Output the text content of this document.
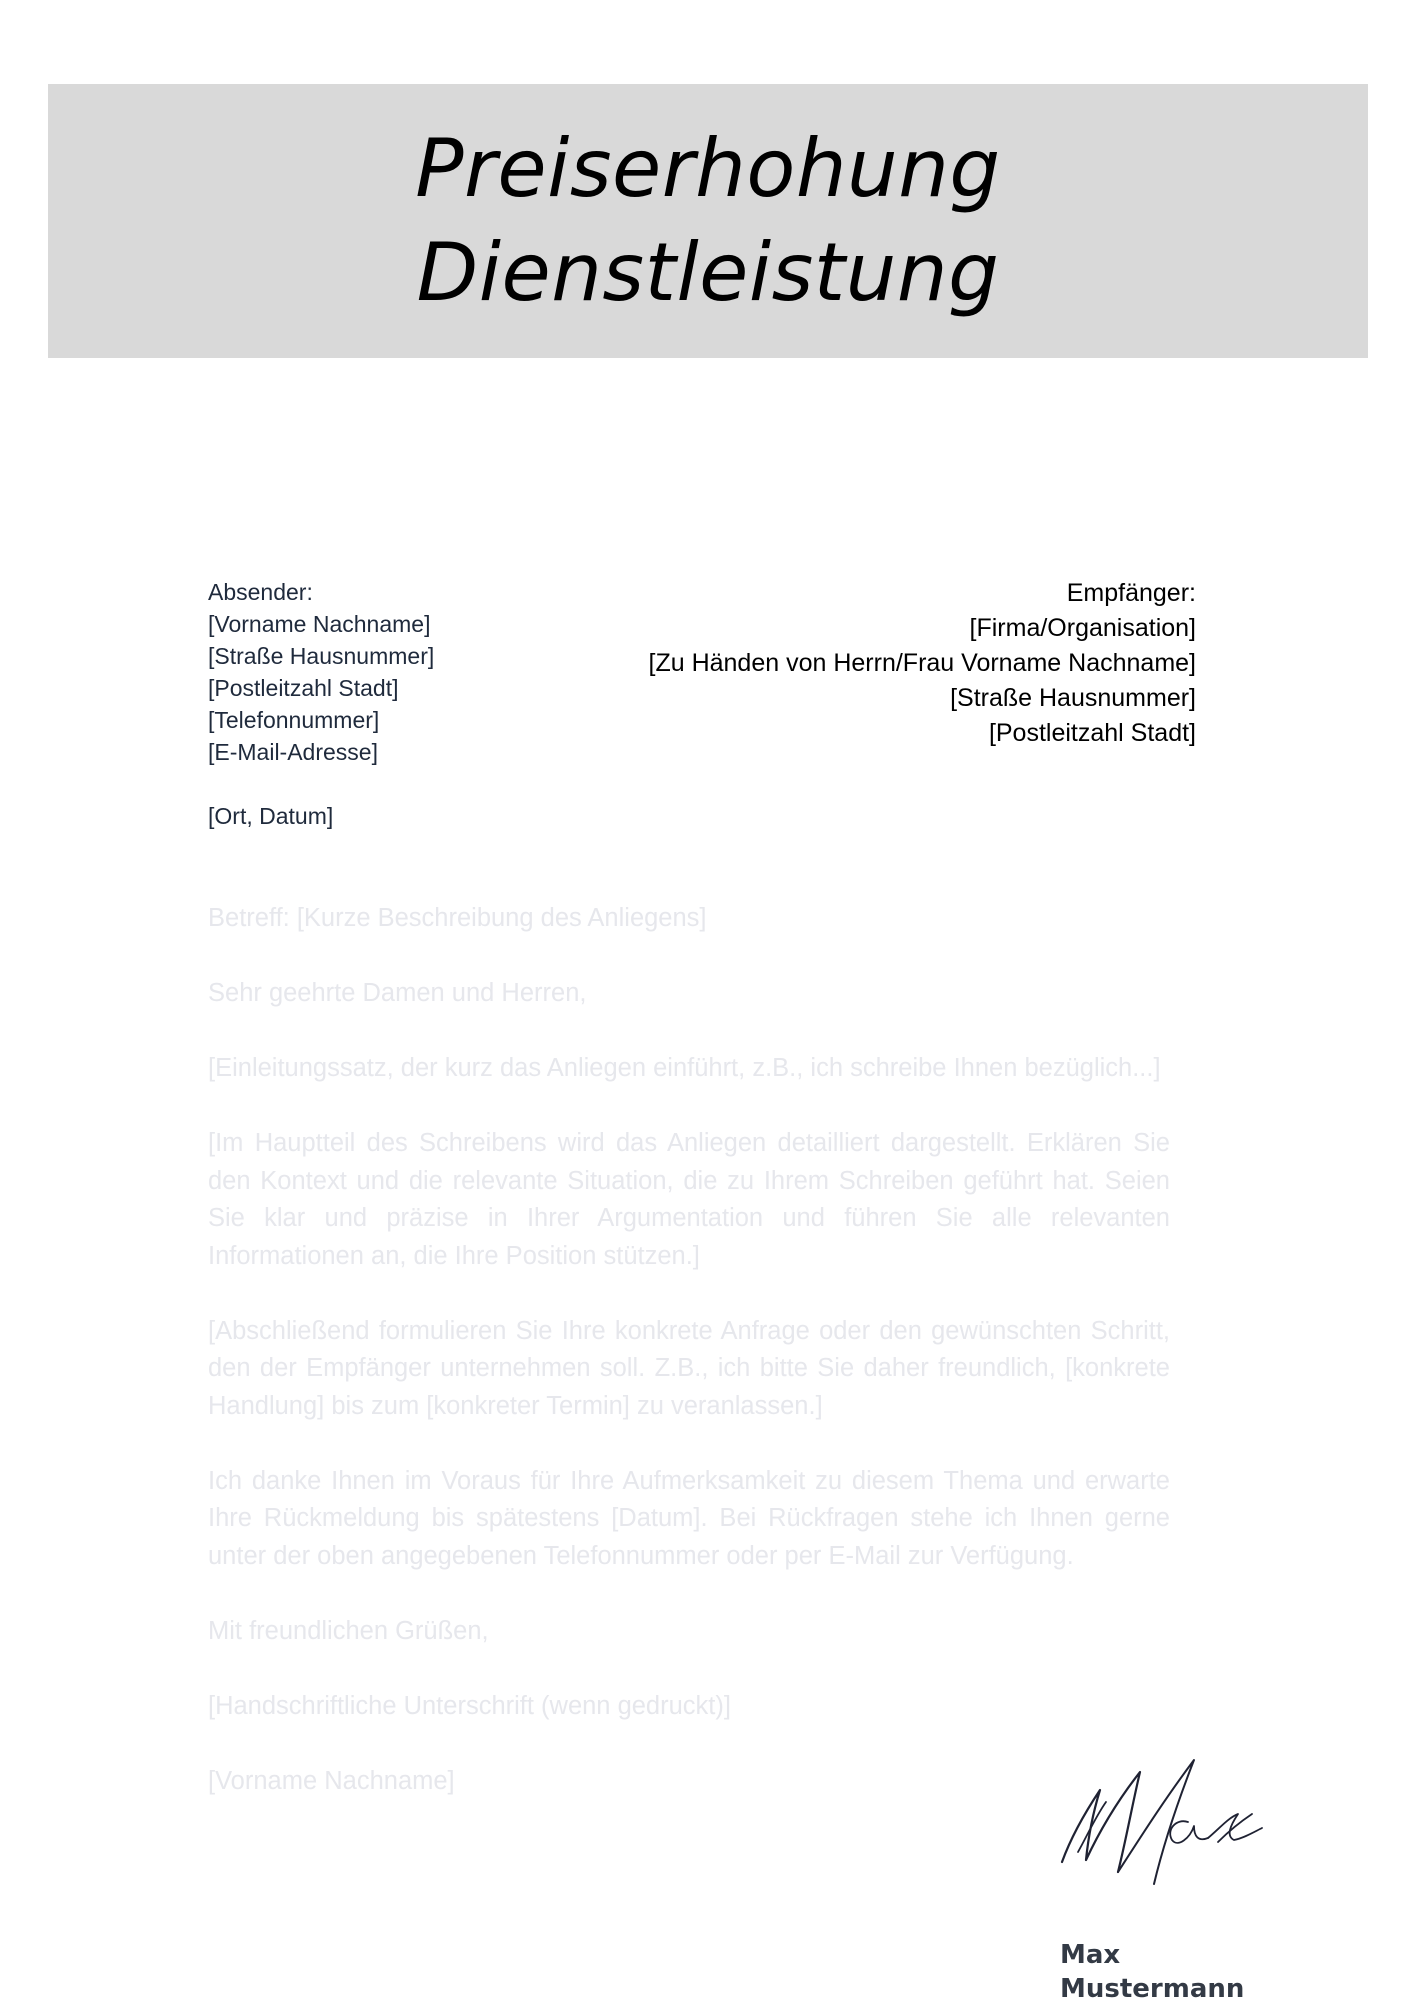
Preiserhohung
Dienstleistung
Absender:
[Vorname Nachname]
[Straße Hausnummer]
[Postleitzahl Stadt]
[Telefonnummer]
[E-Mail-Adresse]
[Ort, Datum]
Empfänger:
[Firma/Organisation]
[Zu Händen von Herrn/Frau Vorname Nachname]
[Straße Hausnummer]
[Postleitzahl Stadt]

Betreff: [Kurze Beschreibung des Anliegens]

Sehr geehrte Damen und Herren,

[Einleitungssatz, der kurz das Anliegen einführt, z.B., ich schreibe Ihnen bezüglich...]

[Im Hauptteil des Schreibens wird das Anliegen detailliert dargestellt. Erklären Sie den Kontext und die relevante Situation, die zu Ihrem Schreiben geführt hat. Seien Sie klar und präzise in Ihrer Argumentation und führen Sie alle relevanten Informationen an, die Ihre Position stützen.]

[Abschließend formulieren Sie Ihre konkrete Anfrage oder den gewünschten Schritt, den der Empfänger unternehmen soll. Z.B., ich bitte Sie daher freundlich, [konkrete Handlung] bis zum [konkreter Termin] zu veranlassen.]

Ich danke Ihnen im Voraus für Ihre Aufmerksamkeit zu diesem Thema und erwarte Ihre Rückmeldung bis spätestens [Datum]. Bei Rückfragen stehe ich Ihnen gerne unter der oben angegebenen Telefonnummer oder per E-Mail zur Verfügung.

Mit freundlichen Grüßen,

[Handschriftliche Unterschrift (wenn gedruckt)]

[Vorname Nachname]

Max Mustermann
